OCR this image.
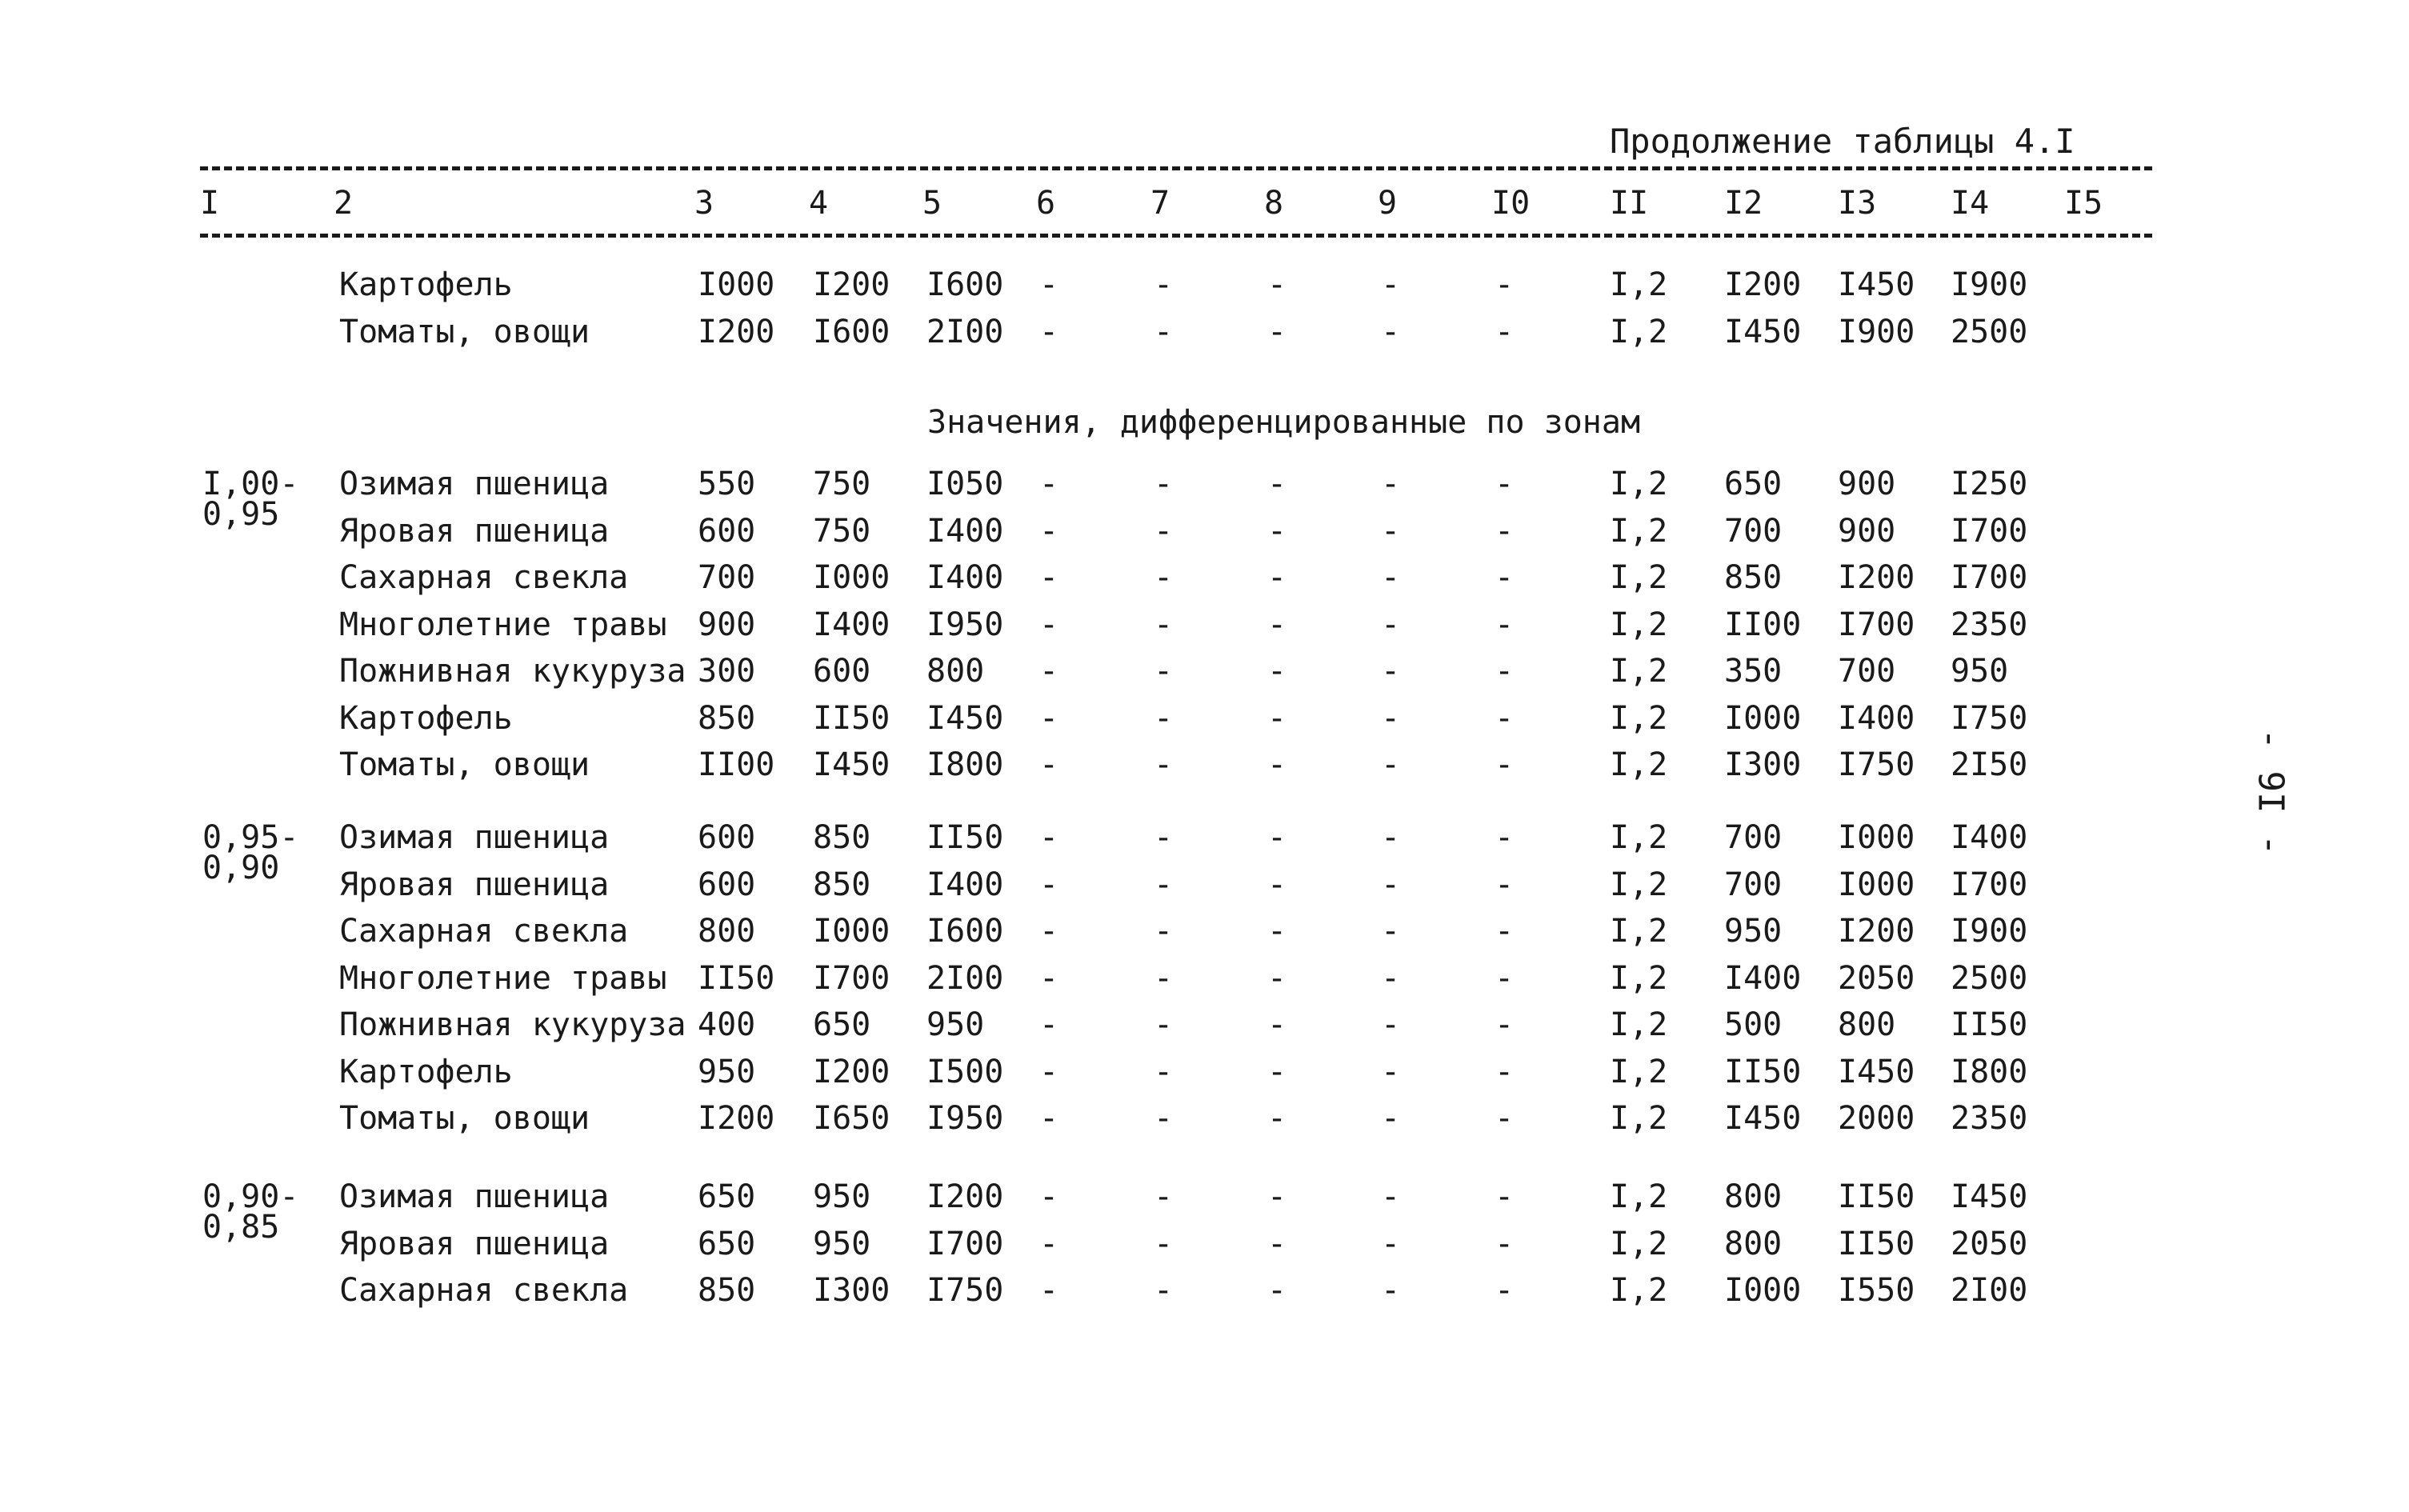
Продолжение таблицы 4.I
I	2	3	4	5	6	7	8	9	I0 II I2 I3 I4 I5
Значения, дифференцированные по зонам
Картофель	I000 I200 I600 -	-	-	-	-	I,2 I200 I450 I900
Томаты, овощи	I200 I600 2I00 -	-	-	-	-	I,2 I450 I900 2500
I,00-
0,95
Озимая пшеница	550 750 I050 -	-	-	-	-	I,2 650 900 I250
Яровая пшеница	600 750 I400 -	-	-	-	-	I,2 700 900 I700
Сахарная свекла 700 I000 I400 -	-	-	-	-	I,2 850 I200 I700
Многолетние травы 900 I400 I950 -	-	-	-	-	I,2 II00 I700 2350
Пожнивная кукуруза 300 600 800 -	-	-	-	-	I,2 350 700 950
Картофель	850 II50 I450 -	-	-	-	-	I,2 I000 I400 I750
Томаты, овощи	II00 I450 I800 -	-	-	-	-	I,2 I300 I750 2I50
0,95-
0,90
Озимая пшеница	600 850 II50 -	-	-	-	-	I,2 700 I000 I400
Яровая пшеница	600 850 I400 -	-	-	-	-	I,2 700 I000 I700
Сахарная свекла 800 I000 I600 -	-	-	-	-	I,2 950 I200 I900
Многолетние травы II50 I700 2I00 -	-	-	-	-	I,2 I400 2050 2500
Пожнивная кукуруза 400 650 950 -	-	-	-	-	I,2 500 800 II50
Картофель	950 I200 I500 -	-	-	-	-	I,2 II50 I450 I800
Томаты, овощи	I200 I650 I950 -	-	-	-	-	I,2 I450 2000 2350
0,90-
0,85
Озимая пшеница	650 950 I200 -	-	-	-	-	I,2 800 II50 I450
Яровая пшеница	650 950 I700 -	-	-	-	-	I,2 800 II50 2050
Сахарная свекла 850 I300 I750 -	-	-	-	-	I,2 I000 I550 2I00
- 9I -
